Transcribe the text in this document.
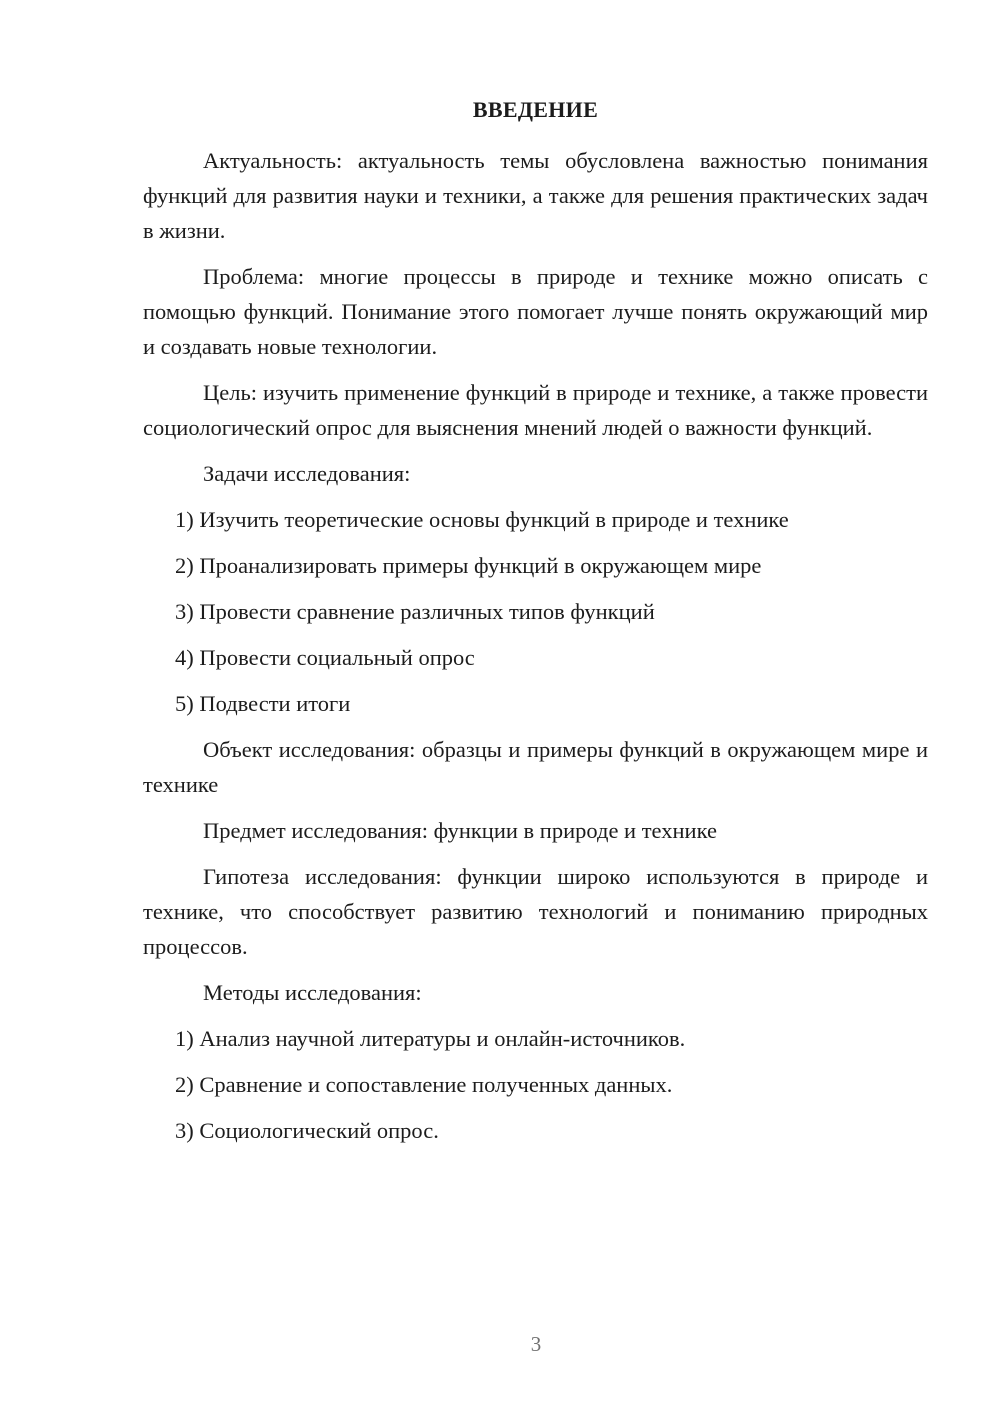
ВВЕДЕНИЕ
Актуальность: актуальность темы обусловлена важностью понимания функций для развития науки и техники, а также для решения практических задач в жизни.
Проблема: многие процессы в природе и технике можно описать с помощью функций. Понимание этого помогает лучше понять окружающий мир и создавать новые технологии.
Цель: изучить применение функций в природе и технике, а также провести социологический опрос для выяснения мнений людей о важности функций.
Задачи исследования:
1) Изучить теоретические основы функций в природе и технике
2) Проанализировать примеры функций в окружающем мире
3) Провести сравнение различных типов функций
4) Провести социальный опрос
5) Подвести итоги
Объект исследования: образцы и примеры функций в окружающем мире и технике
Предмет исследования: функции в природе и технике
Гипотеза исследования: функции широко используются в природе и технике, что способствует развитию технологий и пониманию природных процессов.
Методы исследования:
1) Анализ научной литературы и онлайн-источников.
2) Сравнение и сопоставление полученных данных.
3) Социологический опрос.
3
